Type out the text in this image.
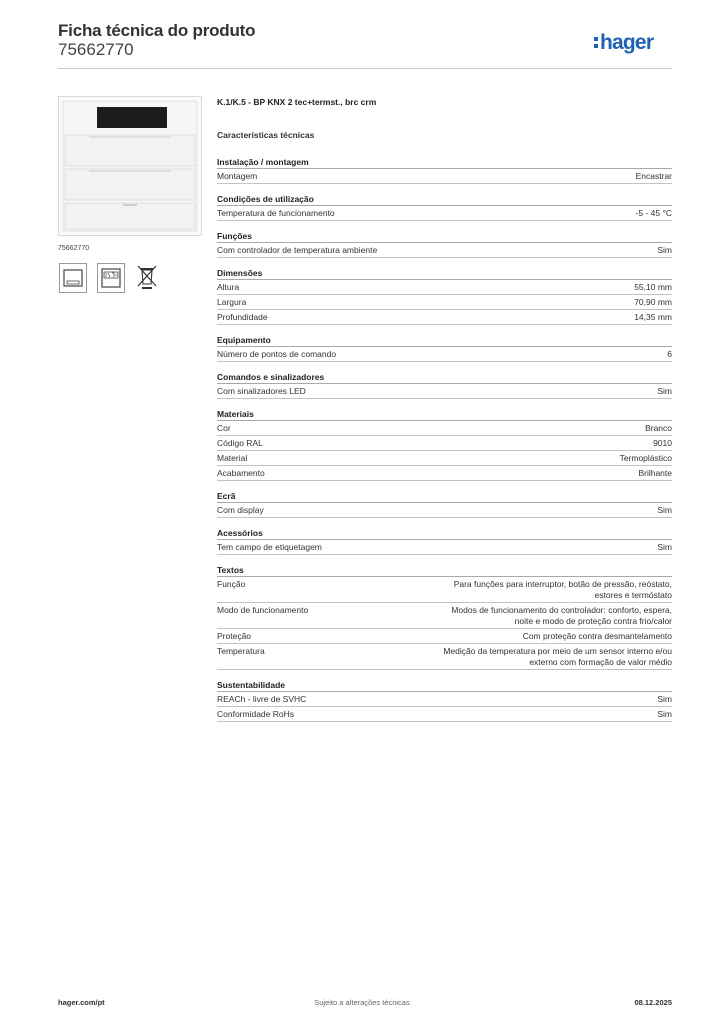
Ficha técnica do produto
75662770	hager
75662770
K.1/K.5 - BP KNX 2 tec+termst., brc crm
Características técnicas
Instalação / montagem
Montagem	Encastrar
Condições de utilização
Temperatura de funcionamento	-5 - 45 °C
Funções
Com controlador de temperatura ambiente	Sim
Dimensões
Altura	55,10 mm
Largura	70,90 mm
Profundidade	14,35 mm
Equipamento
Número de pontos de comando	6
Comandos e sinalizadores
Com sinalizadores LED	Sim
Materiais
Cor	Branco
Código RAL	9010
Material	Termoplástico
Acabamento	Brilhante
Ecrã
Com display	Sim
Acessórios
Tem campo de etiquetagem	Sim
Textos
Função	Para funções para interruptor, botão de pressão, reóstato,
estores e termóstato
Modo de funcionamento	Modos de funcionamento do controlador: conforto, espera,
noite e modo de proteção contra frio/calor
Proteção	Com proteção contra desmantelamento
Temperatura	Medição da temperatura por meio de um sensor interno e/ou
externo com formação de valor médio
Sustentabilidade
REACh - livre de SVHC	Sim
Conformidade RoHs	Sim
hager.com/pt	Sujeito a alterações técnicas	08.12.2025
